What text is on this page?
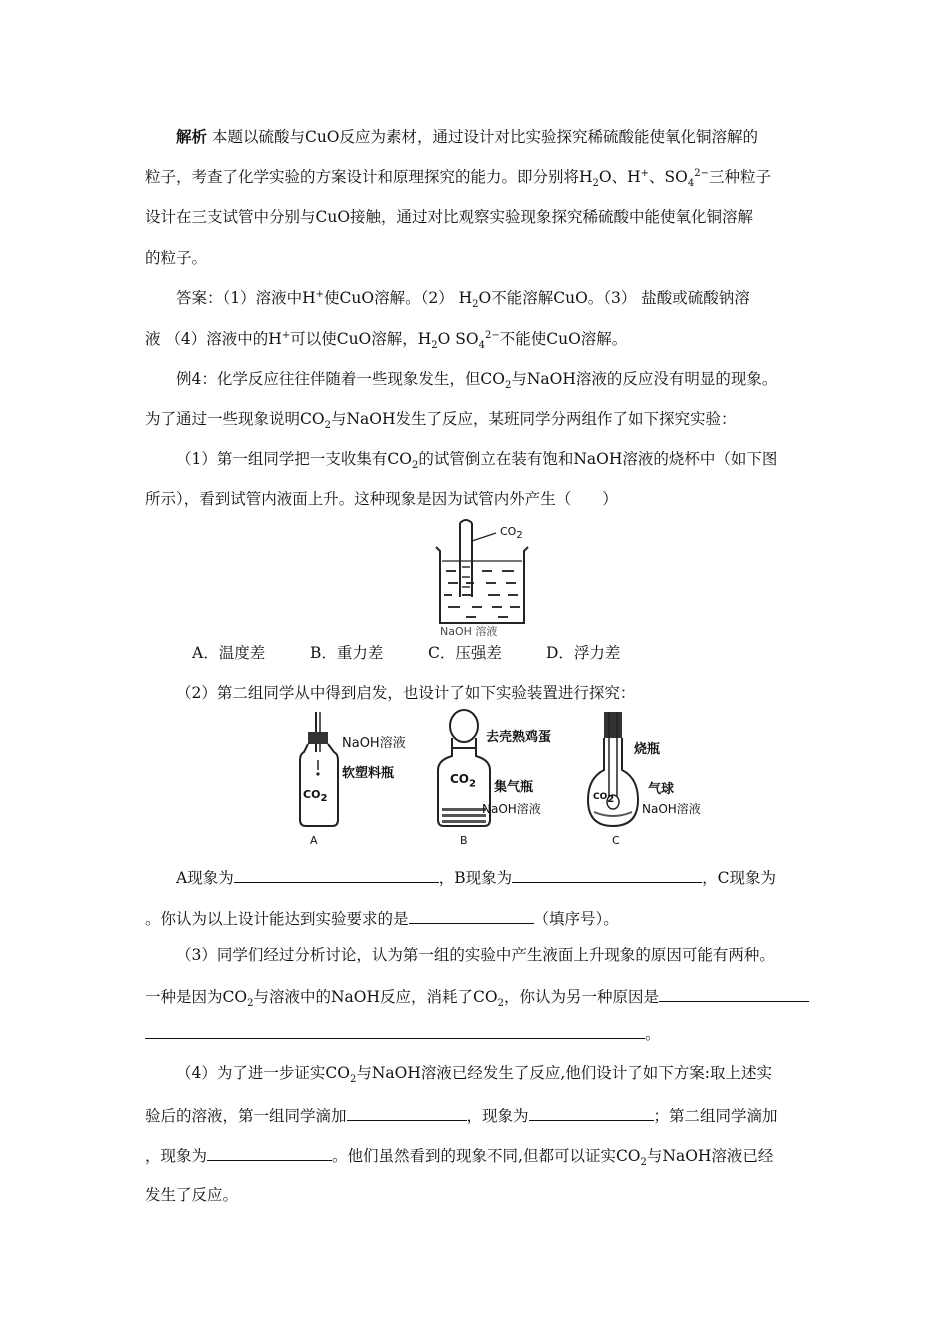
解析 本题以硫酸与CuO反应为素材，通过设计对比实验探究稀硫酸能使氧化铜溶解的
粒子，考查了化学实验的方案设计和原理探究的能力。即分别将$H_2O$、H+、$SO_4^{2-}$三种粒子
设计在三支试管中分别与CuO接触，通过对比观察实验现象探究稀硫酸中能使氧化铜溶解
的粒子。
答案：（1）溶液中H+使CuO溶解。（2） $H_2O$不能溶解CuO。（3） 盐酸或硫酸钠溶
液 （4）溶液中的H+可以使CuO溶解，$H_2O$ $SO_4^{2-}$不能使CuO溶解。
例4：化学反应往往伴随着一些现象发生，但$CO_2$与NaOH溶液的反应没有明显的现象。
为了通过一些现象说明$CO_2$与NaOH发生了反应，某班同学分两组作了如下探究实验：
（1）第一组同学把一支收集有$CO_2$的试管倒立在装有饱和NaOH溶液的烧杯中（如下图
所示），看到试管内液面上升。这种现象是因为试管内外产生（　　）
$CO_2$
NaOH 溶液
A．温度差	B．重力差	C．压强差	D．浮力差
（2）第二组同学从中得到启发，也设计了如下实验装置进行探究：
$CO_2$
NaOH溶液
软塑料瓶
A
$CO_2$
去壳熟鸡蛋
集气瓶
NaOH溶液
B
$CO_2$
烧瓶
气球
NaOH溶液
C
A现象为	，B现象为	，C现象为
。你认为以上设计能达到实验要求的是	（填序号）。
（3）同学们经过分析讨论，认为第一组的实验中产生液面上升现象的原因可能有两种。
一种是因为$CO_2$与溶液中的NaOH反应，消耗了$CO_2$，你认为另一种原因是
。
（4）为了进一步证实$CO_2$与NaOH溶液已经发生了反应,他们设计了如下方案:取上述实
验后的溶液，第一组同学滴加	，现象为	；第二组同学滴加
，现象为	。他们虽然看到的现象不同,但都可以证实$CO_2$与NaOH溶液已经
发生了反应。
